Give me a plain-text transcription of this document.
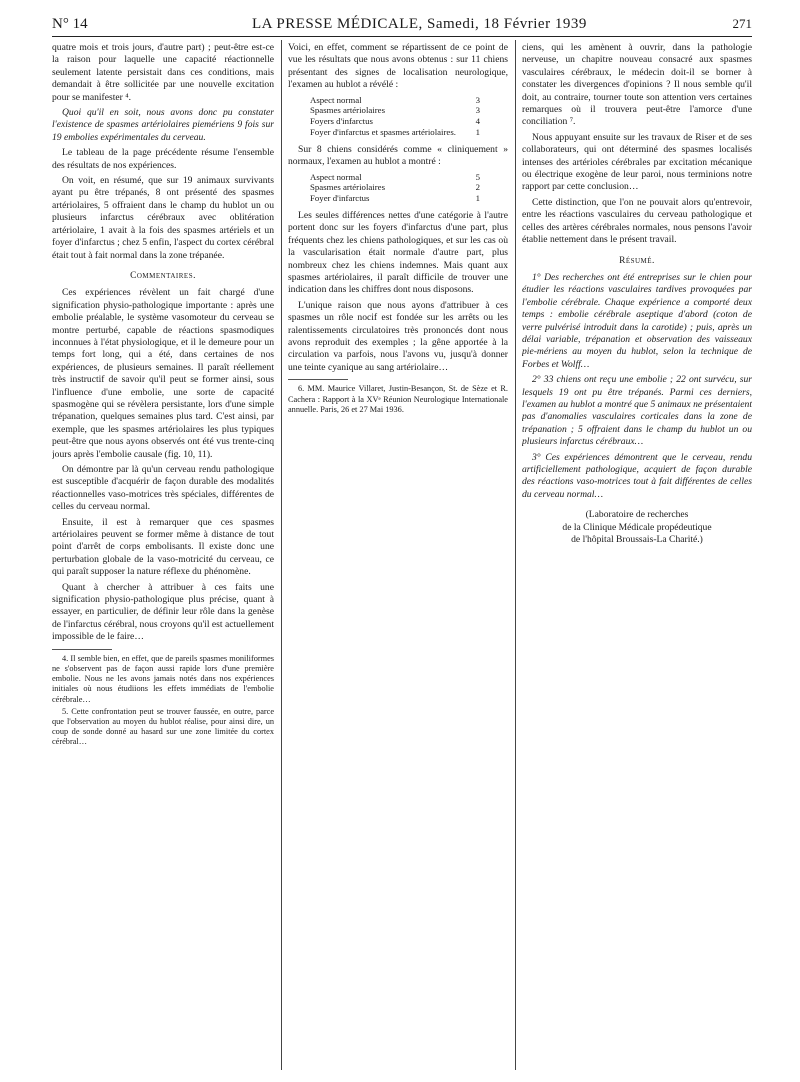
N° 14	LA PRESSE MÉDICALE, Samedi, 18 Février 1939	271

quatre mois et trois jours, d'autre part) ; peut-être est-ce la raison pour laquelle une capacité réactionnelle seulement latente persistait dans ces conditions, mais demandait à être sollicitée par une nouvelle excitation pour se manifester ⁴.

Quoi qu'il en soit, nous avons donc pu constater l'existence de spasmes artériolaires piemériens 9 fois sur 19 embolies expérimentales du cerveau.

Le tableau de la page précédente résume l'ensemble des résultats de nos expériences.

On voit, en résumé, que sur 19 animaux survivants ayant pu être trépanés, 8 ont présenté des spasmes artériolaires, 5 offraient dans le champ du hublot un ou plusieurs infarctus cérébraux avec oblitération artériolaire, 1 avait à la fois des spasmes artériels et un foyer d'infarctus ; chez 5 enfin, l'aspect du cortex cérébral était tout à fait normal dans la zone trépanée.

Commentaires.

Ces expériences révèlent un fait chargé d'une signification physio-pathologique importante : après une embolie préalable, le système vasomoteur du cerveau se montre perturbé, capable de réactions spasmodiques inconnues à l'état physiologique, et il le demeure pour un temps fort long, qui a été, dans certaines de nos expériences, de plusieurs semaines. Il paraît réellement très instructif de savoir qu'il peut se former ainsi, sous l'influence d'une embolie, une sorte de capacité spasmogène qui se révèlera persistante, lors d'une simple trépanation, quelques semaines plus tard. C'est ainsi, par exemple, que les spasmes artériolaires les plus typiques peut-être que nous ayons observés ont été vus trente-cinq jours après l'embolie causale (fig. 10, 11).

On démontre par là qu'un cerveau rendu pathologique est susceptible d'acquérir de façon durable des modalités réactionnelles vaso-motrices très spéciales, différentes de celles du cerveau normal.

Ensuite, il est à remarquer que ces spasmes artériolaires peuvent se former même à distance de tout point d'arrêt de corps embolisants. Il existe donc une perturbation globale de la vaso-motricité du cerveau, ce qui paraît supposer la nature réflexe du phénomène.

Quant à chercher à attribuer à ces faits une signification physio-pathologique plus précise, quant à essayer, en particulier, de définir leur rôle dans la genèse de l'infarctus cérébral, nous croyons qu'il est actuellement impossible de le faire…

4. Il semble bien, en effet, que de pareils spasmes moniliformes ne s'observent pas de façon aussi rapide lors d'une première embolie. Nous ne les avons jamais notés dans nos expériences initiales où nous étudiions les effets immédiats de l'embolie cérébrale…

5. Cette confrontation peut se trouver faussée, en outre, parce que l'observation au moyen du hublot réalise, pour ainsi dire, un coup de sonde donné au hasard sur une zone limitée du cortex cérébral…

Voici, en effet, comment se répartissent de ce point de vue les résultats que nous avons obtenus : sur 11 chiens présentant des signes de localisation neurologique, l'examen au hublot a révélé :

Aspect normal	3
Spasmes artériolaires	3
Foyers d'infarctus	4
Foyer d'infarctus et spasmes artériolaires.	1

Sur 8 chiens considérés comme « cliniquement » normaux, l'examen au hublot a montré :

Aspect normal	5
Spasmes artériolaires	2
Foyer d'infarctus	1

Les seules différences nettes d'une catégorie à l'autre portent donc sur les foyers d'infarctus d'une part, plus fréquents chez les chiens pathologiques, et sur les cas où la vascularisation était normale d'autre part, plus nombreux chez les chiens indemnes. Mais quant aux spasmes artériolaires, il paraît difficile de trouver une indication dans les chiffres dont nous disposons.

L'unique raison que nous ayons d'attribuer à ces spasmes un rôle nocif est fondée sur les arrêts ou les ralentissements circulatoires très prononcés dont nous avons reproduit des exemples ; la gêne apportée à la circulation va parfois, nous l'avons vu, jusqu'à donner une teinte cyanique au sang artériolaire…

6. MM. Maurice Villaret, Justin-Besançon, St. de Sèze et R. Cachera : Rapport à la XVᵉ Réunion Neurologique Internationale annuelle. Paris, 26 et 27 Mai 1936.

ciens, qui les amènent à ouvrir, dans la pathologie nerveuse, un chapitre nouveau consacré aux spasmes vasculaires cérébraux, le médecin doit-il se borner à constater les divergences d'opinions ? Il nous semble qu'il doit, au contraire, tourner toute son attention vers certaines remarques où il trouvera peut-être l'amorce d'une conciliation ⁷.

Nous appuyant ensuite sur les travaux de Riser et de ses collaborateurs, qui ont déterminé des spasmes localisés intenses des artérioles cérébrales par excitation mécanique ou électrique exogène de leur paroi, nous terminions notre rapport par cette conclusion…

Cette distinction, que l'on ne pouvait alors qu'entrevoir, entre les réactions vasculaires du cerveau pathologique et celles des artères cérébrales normales, nous pensons l'avoir établie nettement dans le présent travail.

Résumé.

1° Des recherches ont été entreprises sur le chien pour étudier les réactions vasculaires tardives provoquées par l'embolie cérébrale. Chaque expérience a comporté deux temps : embolie cérébrale aseptique d'abord (coton de verre pulvérisé introduit dans la carotide) ; puis, après un délai variable, trépanation et observation des vaisseaux pie-mériens au moyen du hublot, selon la technique de Forbes et Wolff…

2° 33 chiens ont reçu une embolie ; 22 ont survécu, sur lesquels 19 ont pu être trépanés. Parmi ces derniers, l'examen au hublot a montré que 5 animaux ne présentaient pas d'anomalies vasculaires corticales dans la zone de trépanation ; 5 offraient dans le champ du hublot un ou plusieurs infarctus cérébraux…

3° Ces expériences démontrent que le cerveau, rendu artificiellement pathologique, acquiert de façon durable des réactions vaso-motrices tout à fait différentes de celles du cerveau normal…

(Laboratoire de recherches
de la Clinique Médicale propédeutique
de l'hôpital Broussais-La Charité.)
